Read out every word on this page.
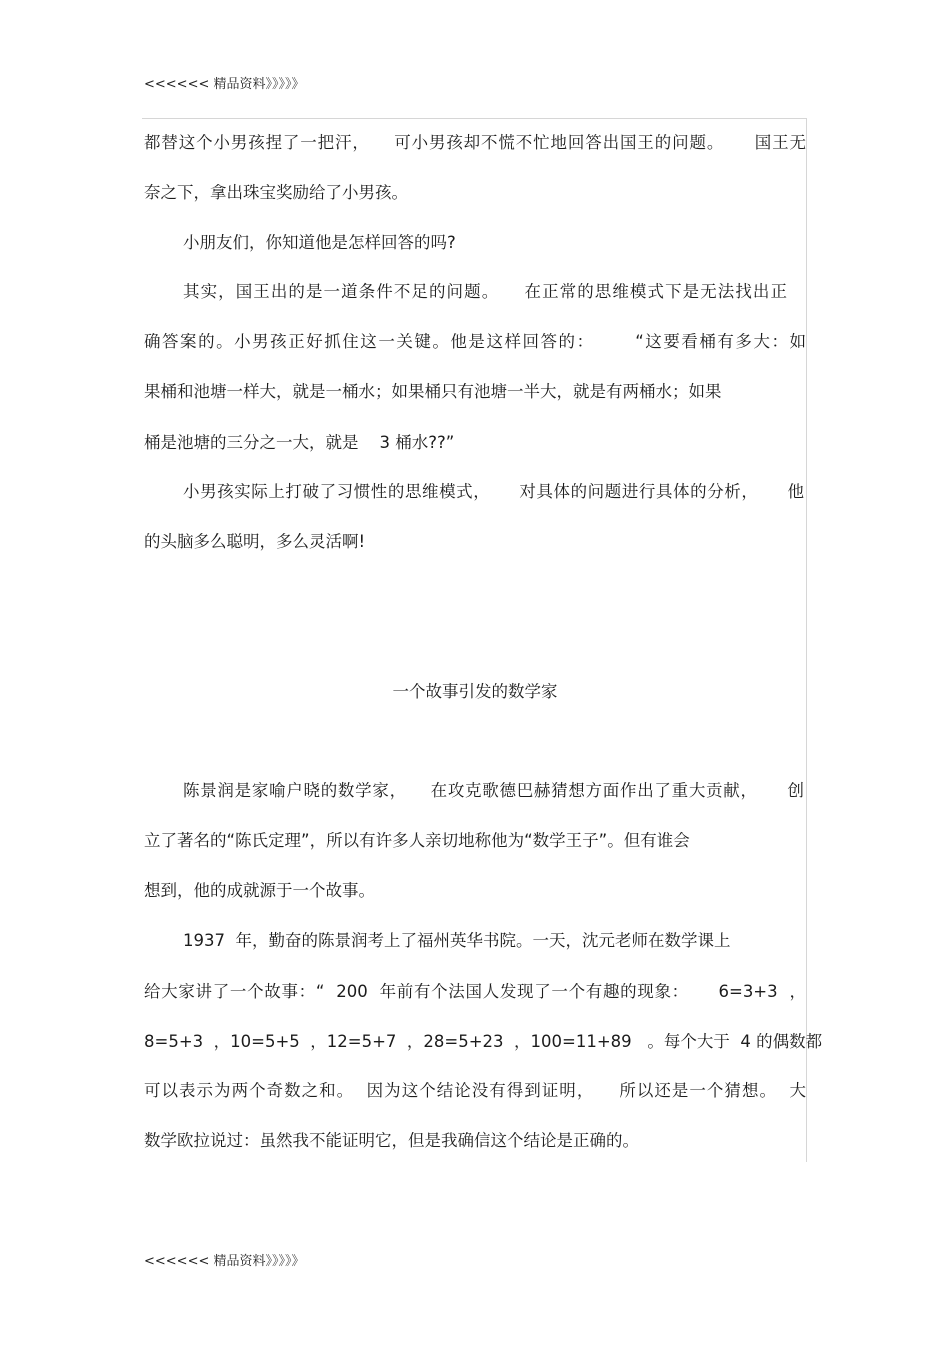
<<<<<< 精品资料》》》》》
都替这个小男孩捏了一把汗，    可小男孩却不慌不忙地回答出国王的问题。     国王无
奈之下，拿出珠宝奖励给了小男孩。
小朋友们，你知道他是怎样回答的吗?
其实，国王出的是一道条件不足的问题。    在正常的思维模式下是无法找出正
确答案的。小男孩正好抓住这一关键。他是这样回答的：      “这要看桶有多大：如
果桶和池塘一样大，就是一桶水；如果桶只有池塘一半大，就是有两桶水；如果
桶是池塘的三分之一大，就是    3 桶水??”
小男孩实际上打破了习惯性的思维模式，     对具体的问题进行具体的分析，     他
的头脑多么聪明，多么灵活啊!
一个故事引发的数学家
陈景润是家喻户晓的数学家，    在攻克歌德巴赫猜想方面作出了重大贡献，     创
立了著名的“陈氏定理”，所以有许多人亲切地称他为“数学王子”。但有谁会
想到，他的成就源于一个故事。
1937  年，勤奋的陈景润考上了福州英华书院。一天，沈元老师在数学课上
给大家讲了一个故事：“  200  年前有个法国人发现了一个有趣的现象：     6=3+3  ，
8=5+3  ，10=5+5  ，12=5+7  ，28=5+23  ，100=11+89   。每个大于  4 的偶数都
可以表示为两个奇数之和。  因为这个结论没有得到证明，    所以还是一个猜想。  大
数学欧拉说过：虽然我不能证明它，但是我确信这个结论是正确的。
<<<<<< 精品资料》》》》》
